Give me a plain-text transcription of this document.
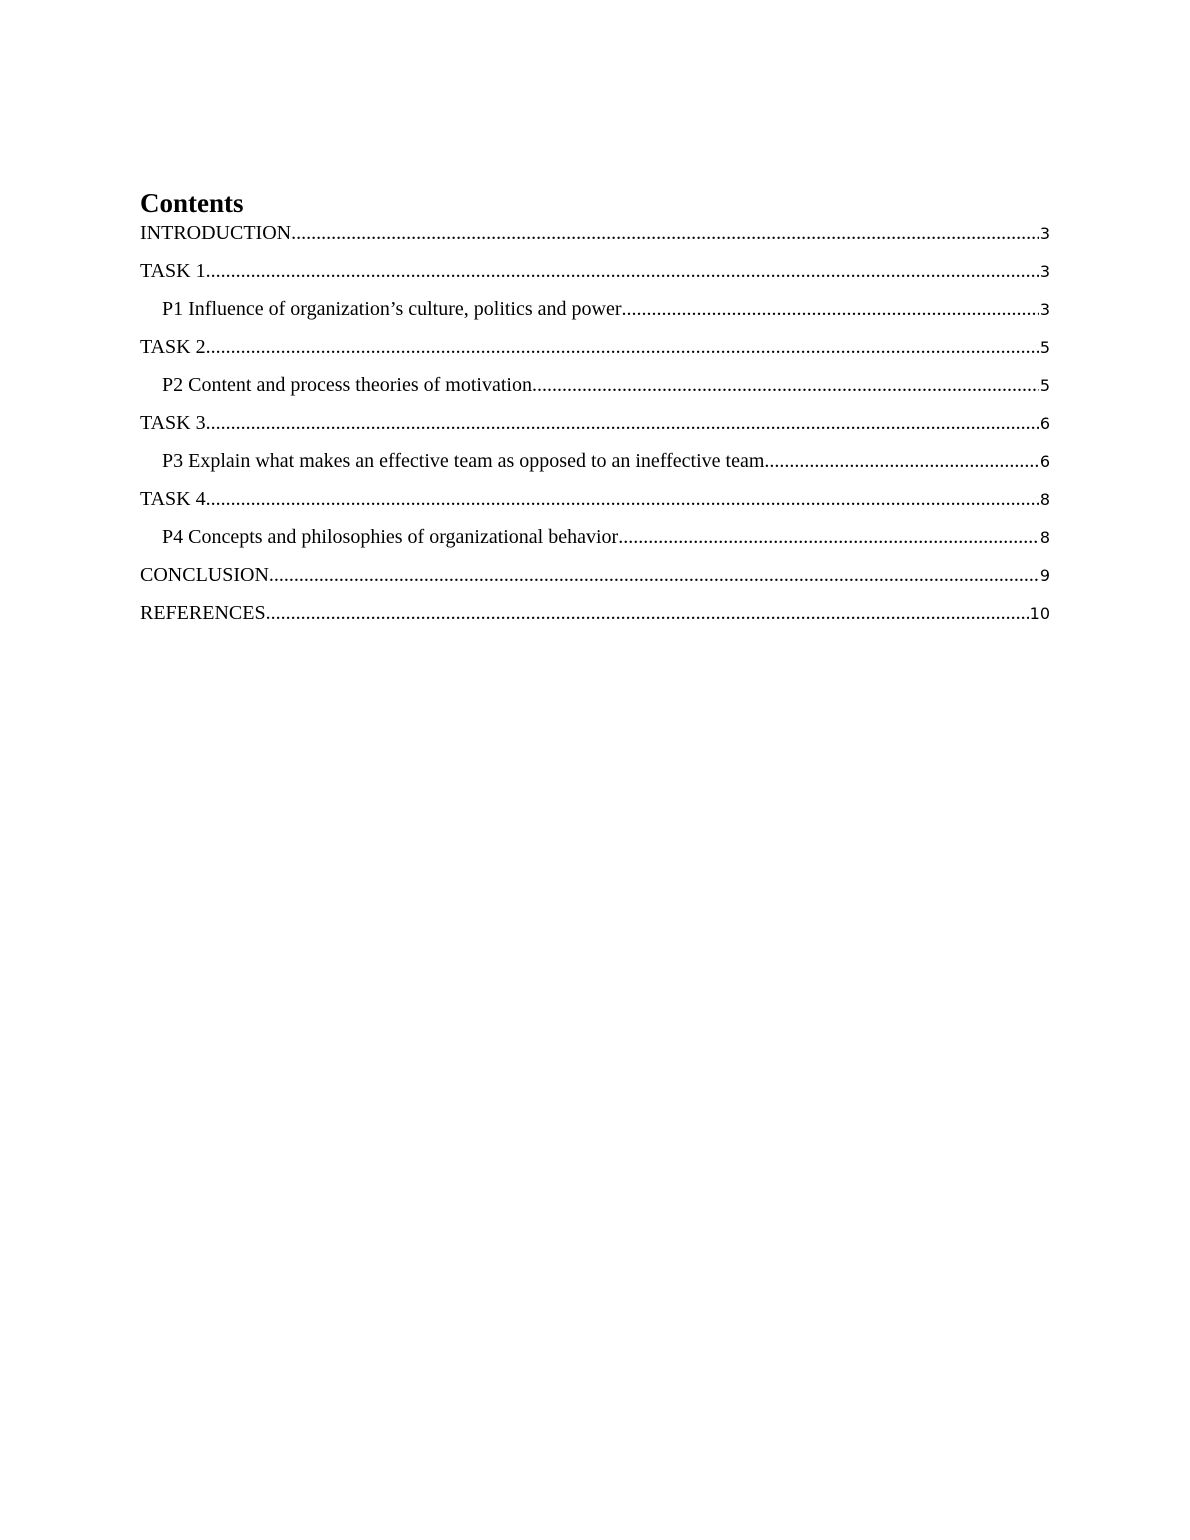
Contents
INTRODUCTION .....	3
TASK 1 .....	3
P1 Influence of organization’s culture, politics and power .....	3
TASK 2 .....	5
P2 Content and process theories of motivation .....	5
TASK 3 .....	6
P3 Explain what makes an effective team as opposed to an ineffective team .....	6
TASK 4 .....	8
P4 Concepts and philosophies of organizational behavior .....	8
CONCLUSION .....	9
REFERENCES .....	10
